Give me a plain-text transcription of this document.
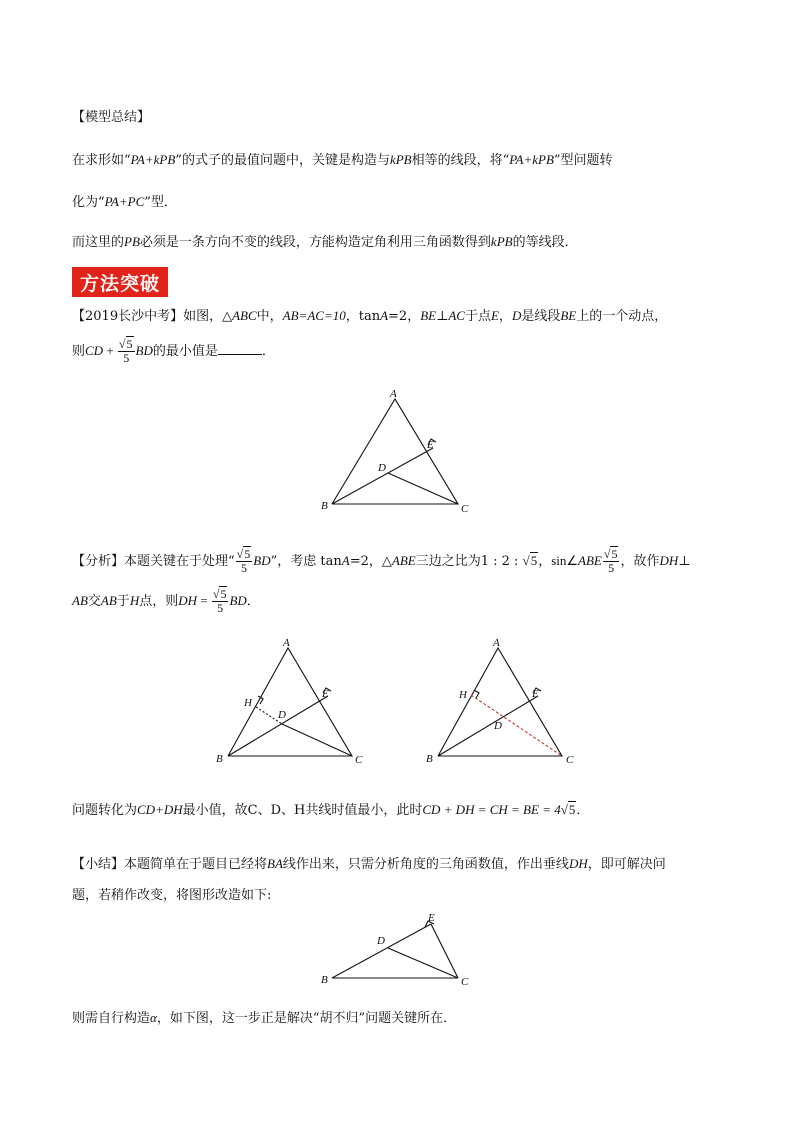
【模型总结】
在求形如“PA+kPB”的式子的最值问题中，关键是构造与kPB相等的线段，将“PA+kPB”型问题转
化为“PA+PC”型．
而这里的PB必须是一条方向不变的线段，方能构造定角利用三角函数得到kPB的等线段．
方法突破
【2019长沙中考】如图，△ABC中，AB=AC=10，tanA=2，BE⊥AC于点E，D是线段BE上的一个动点，
则CD + $\frac{√5}{5}$ BD的最小值是	．
A
B	C
D
E
【分析】本题关键在于处理“ $\frac{√5}{5}$ BD”，考虑 tanA=2，△ABE三边之比为1 : 2 : √5，sin∠ABE $\frac{√5}{5}$ ，故作DH⊥
AB交AB于H点，则DH = $\frac{√5}{5}$ BD．
A
B	C
D
E
H
A
B	C
D
E
H
问题转化为CD+DH最小值，故C、D、H共线时值最小，此时CD + DH = CH = BE = 4√5．
【小结】本题简单在于题目已经将BA线作出来，只需分析角度的三角函数值，作出垂线DH，即可解决问
题，若稍作改变，将图形改造如下:
B	C
D
E
则需自行构造α，如下图，这一步正是解决“胡不归”问题关键所在．
